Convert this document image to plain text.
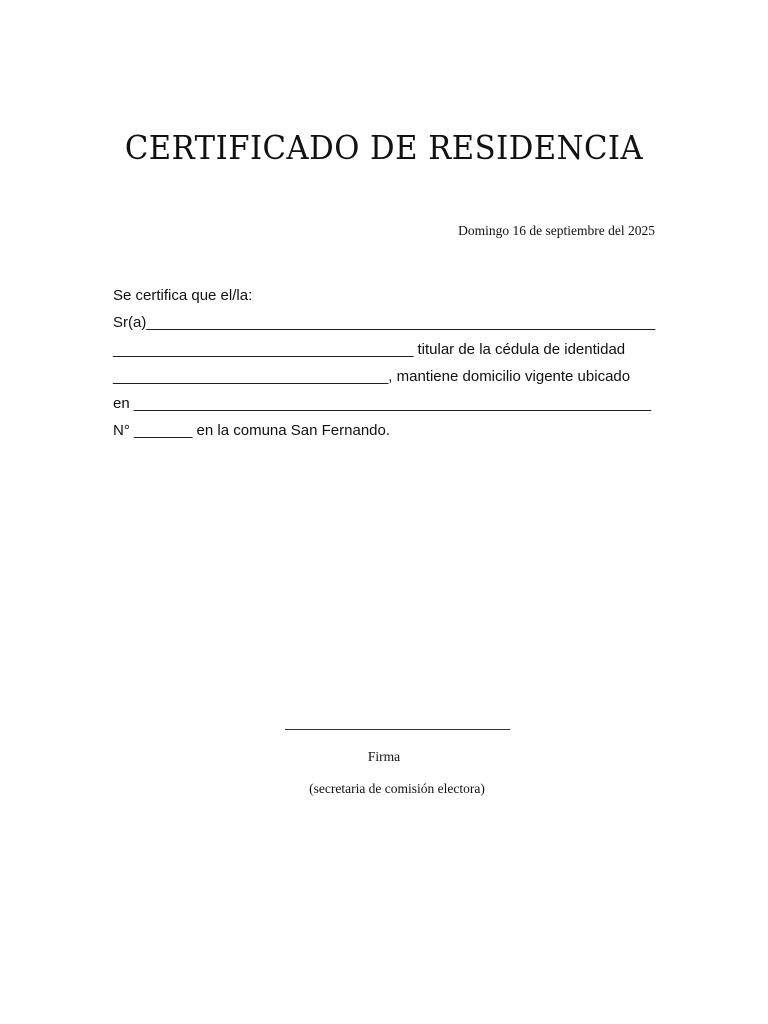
CERTIFICADO DE RESIDENCIA
Domingo 16 de septiembre del 2025
Se certifica que el/la:
Sr(a)_____________________________________________________________
____________________________________ titular de la cédula de identidad
_________________________________, mantiene domicilio vigente ubicado
en ______________________________________________________________
N° _______ en la comuna San Fernando.
Firma
(secretaria de comisión electora)
